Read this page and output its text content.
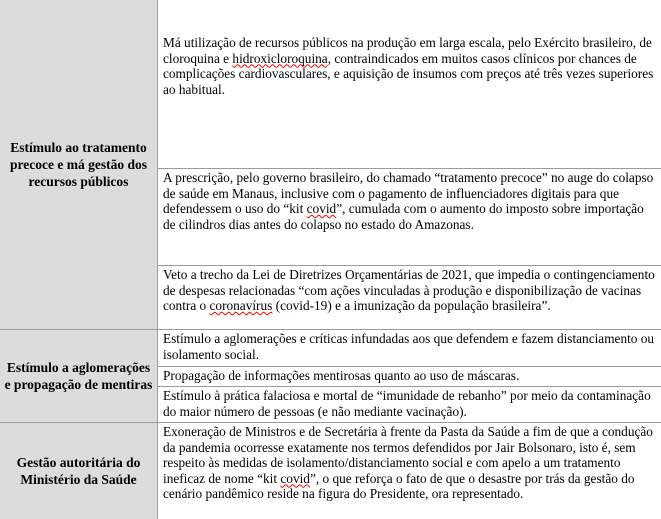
Estímulo ao tratamento precoce e má gestão dos recursos públicos	Má utilização de recursos públicos na produção em larga escala, pelo Exército brasileiro, de cloroquina e hidroxicloroquina, contraindicados em muitos casos clínicos por chances de complicações cardiovasculares, e aquisição de insumos com preços até três vezes superiores ao habitual.
	A prescrição, pelo governo brasileiro, do chamado “tratamento precoce” no auge do colapso de saúde em Manaus, inclusive com o pagamento de influenciadores digitais para que defendessem o uso do “kit covid”, cumulada com o aumento do imposto sobre importação de cilindros dias antes do colapso no estado do Amazonas.
	Veto a trecho da Lei de Diretrizes Orçamentárias de 2021, que impedia o contingenciamento de despesas relacionadas “com ações vinculadas à produção e disponibilização de vacinas contra o coronavírus (covid-19) e a imunização da população brasileira”.
Estímulo a aglomerações e propagação de mentiras	Estímulo a aglomerações e críticas infundadas aos que defendem e fazem distanciamento ou isolamento social.
	Propagação de informações mentirosas quanto ao uso de máscaras.
	Estímulo à prática falaciosa e mortal de “imunidade de rebanho” por meio da contaminação do maior número de pessoas (e não mediante vacinação).
Gestão autoritária do Ministério da Saúde	Exoneração de Ministros e de Secretária à frente da Pasta da Saúde a fim de que a condução da pandemia ocorresse exatamente nos termos defendidos por Jair Bolsonaro, isto é, sem respeito às medidas de isolamento/distanciamento social e com apelo a um tratamento ineficaz de nome “kit covid”, o que reforça o fato de que o desastre por trás da gestão do cenário pandêmico reside na figura do Presidente, ora representado.
